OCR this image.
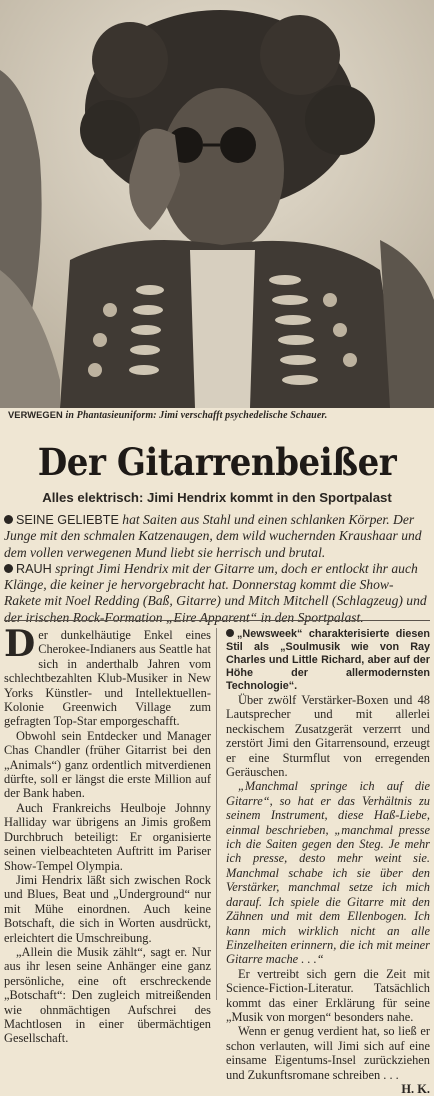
VERWEGEN in Phantasieuniform: Jimi verschafft psychedelische Schauer.
Der Gitarrenbeißer
Alles elektrisch: Jimi Hendrix kommt in den Sportpalast

SEINE GELIEBTE hat Saiten aus Stahl und einen schlanken Körper. Der Junge mit den schmalen Katzenaugen, dem wild wuchernden Kraushaar und dem vollen verwegenen Mund liebt sie herrisch und brutal.

RAUH springt Jimi Hendrix mit der Gitarre um, doch er entlockt ihr auch Klänge, die keiner je hervorgebracht hat. Donnerstag kommt die Show-Rakete mit Noel Redding (Baß, Gitarre) und Mitch Mitchell (Schlagzeug) und der irischen Rock-Formation „Eire Apparent“ in den Sportpalast.

Der dunkelhäutige Enkel eines Cherokee-Indianers aus Seattle hat sich in anderthalb Jahren vom schlechtbezahlten Klub-Musiker in New Yorks Künstler- und Intellektuellen-Kolonie Greenwich Village zum gefragten Top-Star emporgeschafft.

Obwohl sein Entdecker und Manager Chas Chandler (früher Gitarrist bei den „Animals“) ganz ordentlich mitverdienen dürfte, soll er längst die erste Million auf der Bank haben.

Auch Frankreichs Heulboje Johnny Halliday war übrigens an Jimis großem Durchbruch beteiligt: Er organisierte seinen vielbeachteten Auftritt im Pariser Show-Tempel Olympia.

Jimi Hendrix läßt sich zwischen Rock und Blues, Beat und „Underground“ nur mit Mühe einordnen. Auch keine Botschaft, die sich in Worten ausdrückt, erleichtert die Umschreibung.

„Allein die Musik zählt“, sagt er. Nur aus ihr lesen seine Anhänger eine ganz persönliche, eine oft erschreckende „Botschaft“: Den zugleich mitreißenden wie ohnmächtigen Aufschrei des Machtlosen in einer übermächtigen Gesellschaft.

„Newsweek“ charakterisierte diesen Stil als „Soulmusik wie von Ray Charles und Little Richard, aber auf der Höhe der allermodernsten Technologie“.

Über zwölf Verstärker-Boxen und 48 Lautsprecher und mit allerlei neckischem Zusatzgerät verzerrt und zerstört Jimi den Gitarrensound, erzeugt er eine Sturmflut von erregenden Geräuschen.

„Manchmal springe ich auf die Gitarre“, so hat er das Verhältnis zu seinem Instrument, diese Haß-Liebe, einmal beschrieben, „manchmal presse ich die Saiten gegen den Steg. Je mehr ich presse, desto mehr weint sie. Manchmal schabe ich sie über den Verstärker, manchmal setze ich mich darauf. Ich spiele die Gitarre mit den Zähnen und mit dem Ellenbogen. Ich kann mich wirklich nicht an alle Einzelheiten erinnern, die ich mit meiner Gitarre mache . . .“

Er vertreibt sich gern die Zeit mit Science-Fiction-Literatur. Tatsächlich kommt das einer Erklärung für seine „Musik von morgen“ besonders nahe.

Wenn er genug verdient hat, so ließ er schon verlauten, will Jimi sich auf eine einsame Eigentums-Insel zurückziehen und Zukunftsromane schreiben . . .
H. K.
